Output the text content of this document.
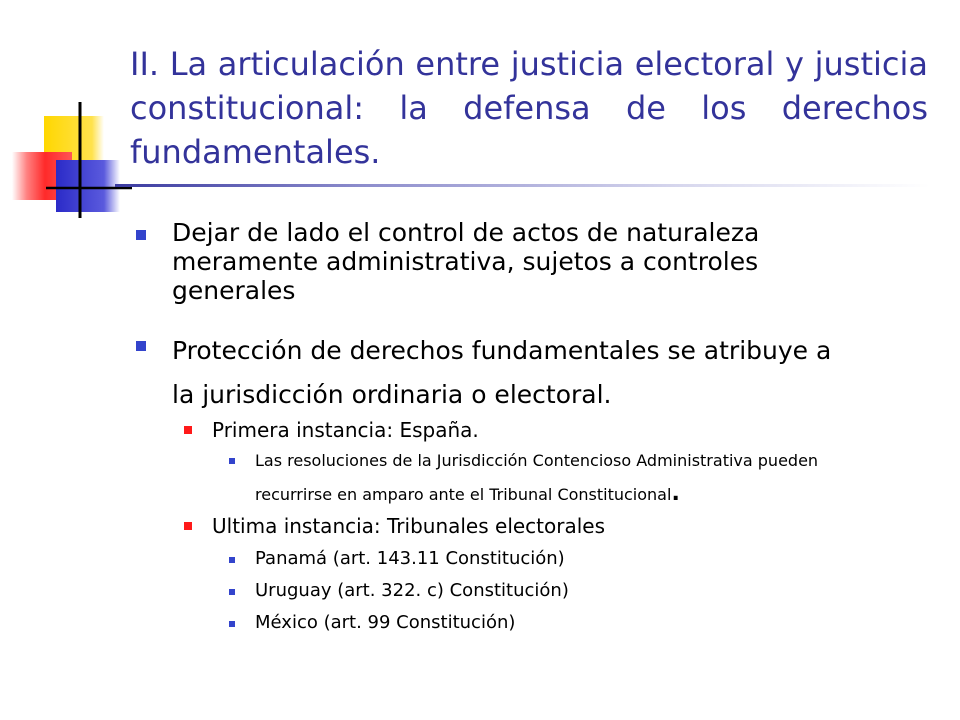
II. La articulación entre justicia electoral y justicia constitucional: la defensa de los derechos fundamentales.
Dejar de lado el control de actos de naturaleza meramente administrativa, sujetos a controles generales
Protección de derechos fundamentales se atribuye a
la jurisdicción ordinaria o electoral.
Primera instancia: España.
Las resoluciones de la Jurisdicción Contencioso Administrativa pueden
recurrirse en amparo ante el Tribunal Constitucional.
Ultima instancia: Tribunales electorales
Panamá (art. 143.11 Constitución)
Uruguay (art. 322. c) Constitución)
México (art. 99 Constitución)
